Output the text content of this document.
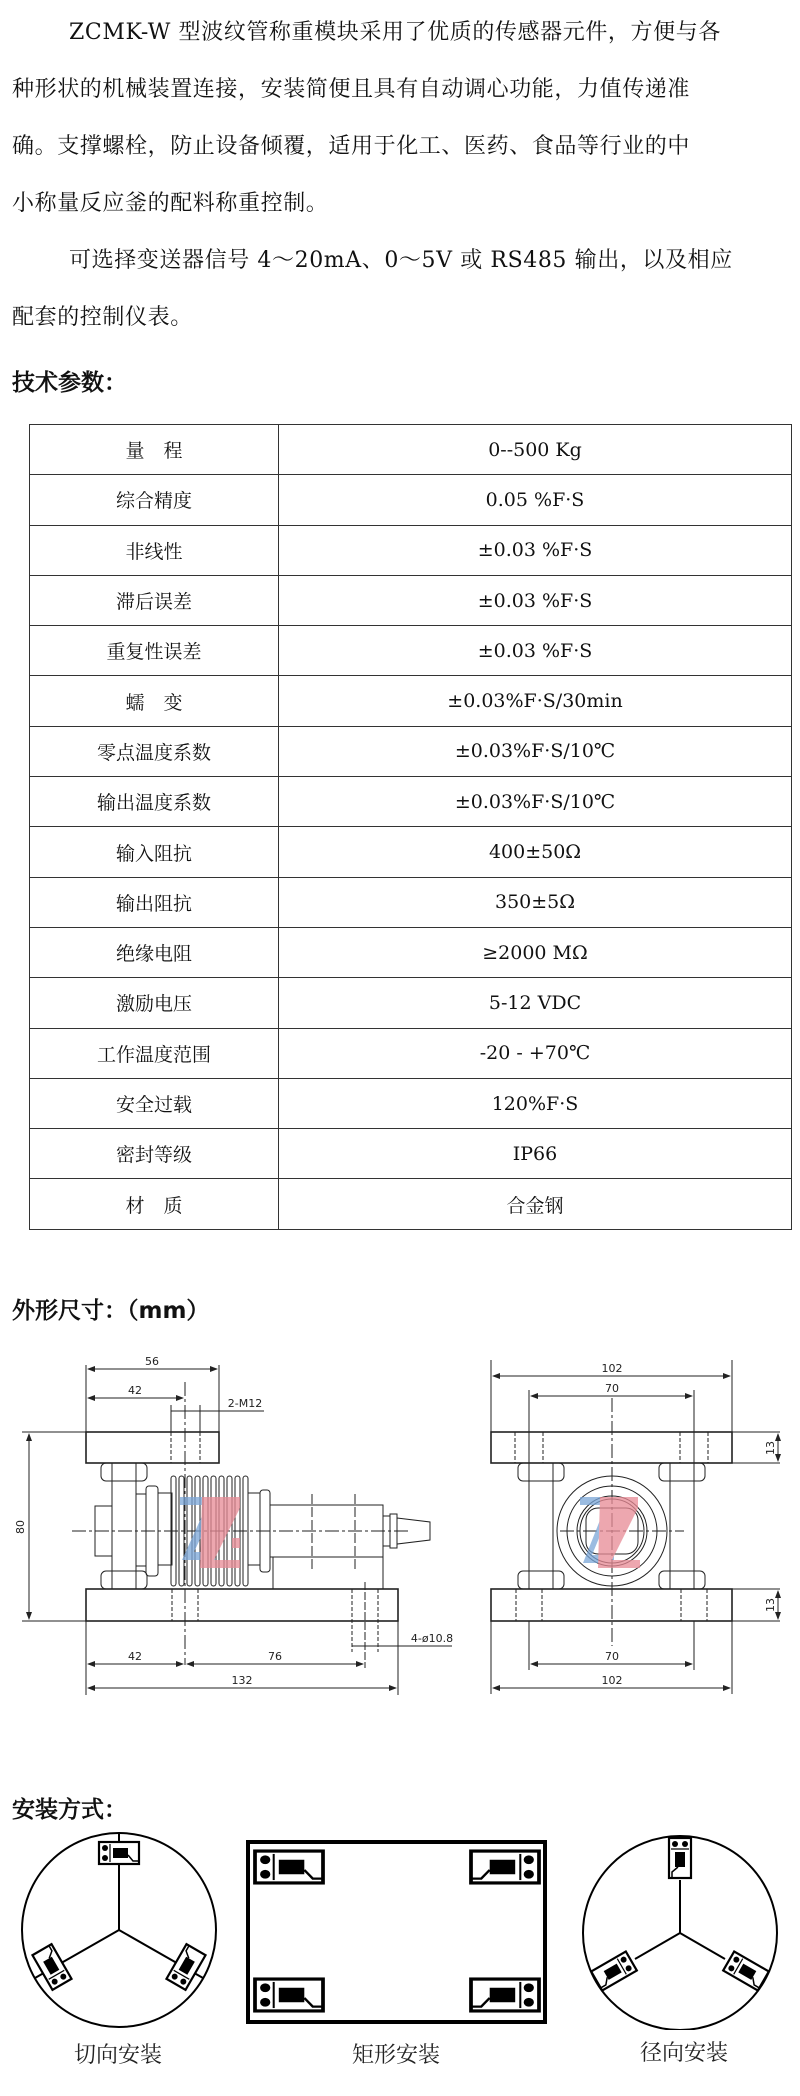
ZCMK-W 型波纹管称重模块采用了优质的传感器元件，方便与各
种形状的机械装置连接，安装简便且具有自动调心功能，力值传递准
确。支撑螺栓，防止设备倾覆，适用于化工、医药、食品等行业的中
小称量反应釜的配料称重控制。
可选择变送器信号 4～20mA、0～5V 或 RS485 输出，以及相应
配套的控制仪表。
技术参数：
量　程	0--500 Kg
综合精度	0.05 %F·S
非线性	±0.03 %F·S
滞后误差	±0.03 %F·S
重复性误差	±0.03 %F·S
蠕　变	±0.03%F·S/30min
零点温度系数	±0.03%F·S/10℃
输出温度系数	±0.03%F·S/10℃
输入阻抗	400±50Ω
输出阻抗	350±5Ω
绝缘电阻	≥2000 MΩ
激励电压	5-12 VDC
工作温度范围	-20 - +70℃
安全过载	120%F·S
密封等级	IP66
材　质	合金钢
外形尺寸：（mm）
56
42
2-M12
80
42	76
132
4-ø10.8
102
70
13
13
70
102
安装方式：
切向安装	矩形安装	径向安装
